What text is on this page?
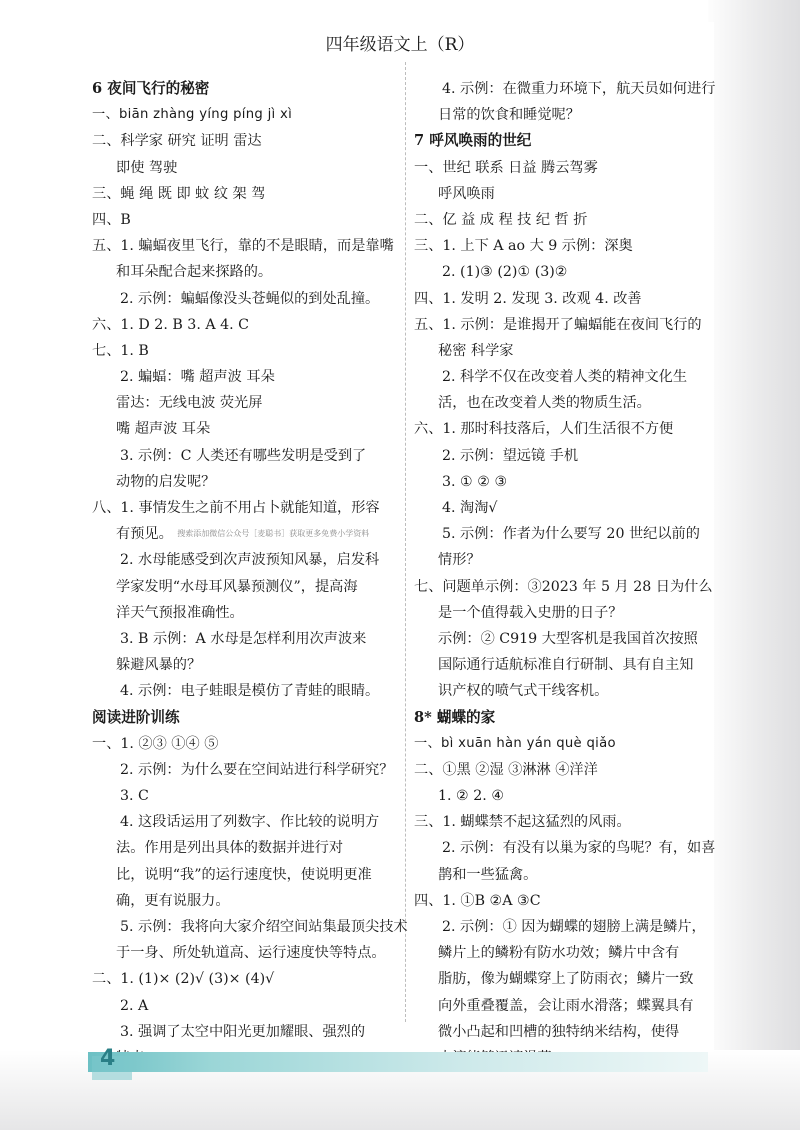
四年级语文上（R）
6 夜间飞行的秘密
一、biān zhàng yíng píng jì xì
二、科学家 研究 证明 雷达
即使 驾驶
三、蝇 绳 既 即 蚊 纹 架 驾
四、B
五、1. 蝙蝠夜里飞行，靠的不是眼睛，而是靠嘴
和耳朵配合起来探路的。
2. 示例：蝙蝠像没头苍蝇似的到处乱撞。
六、1. D 2. B 3. A 4. C
七、1. B
2. 蝙蝠：嘴 超声波 耳朵
雷达：无线电波 荧光屏
嘴 超声波 耳朵
3. 示例：C 人类还有哪些发明是受到了
动物的启发呢？
八、1. 事情发生之前不用占卜就能知道，形容
有预见。 搜索添加微信公众号［麦聪书］获取更多免费小学资料
2. 水母能感受到次声波预知风暴，启发科
学家发明“水母耳风暴预测仪”，提高海
洋天气预报准确性。
3. B 示例：A 水母是怎样利用次声波来
躲避风暴的？
4. 示例：电子蛙眼是模仿了青蛙的眼睛。
阅读进阶训练
一、1. ②③ ①④ ⑤
2. 示例：为什么要在空间站进行科学研究？
3. C
4. 这段话运用了列数字、作比较的说明方
法。作用是列出具体的数据并进行对
比，说明“我”的运行速度快，使说明更准
确，更有说服力。
5. 示例：我将向大家介绍空间站集最顶尖技术
于一身、所处轨道高、运行速度快等特点。
二、1. (1)× (2)√ (3)× (4)√
2. A
3. 强调了太空中阳光更加耀眼、强烈的
4. 示例：在微重力环境下，航天员如何进行
日常的饮食和睡觉呢？
7 呼风唤雨的世纪
一、世纪 联系 日益 腾云驾雾
呼风唤雨
二、亿 益 成 程 技 纪 哲 折
三、1. 上下 A ao 大 9 示例：深奥
2. (1)③ (2)① (3)②
四、1. 发明 2. 发现 3. 改观 4. 改善
五、1. 示例：是谁揭开了蝙蝠能在夜间飞行的
秘密 科学家
2. 科学不仅在改变着人类的精神文化生
活，也在改变着人类的物质生活。
六、1. 那时科技落后，人们生活很不方便
2. 示例：望远镜 手机
3. ① ② ③
4. 淘淘√
5. 示例：作者为什么要写 20 世纪以前的
情形？
七、问题单示例：③2023 年 5 月 28 日为什么
是一个值得载入史册的日子？
示例：② C919 大型客机是我国首次按照
国际通行适航标准自行研制、具有自主知
识产权的喷气式干线客机。
8* 蝴蝶的家
一、bì xuān hàn yán què qiǎo
二、①黑 ②湿 ③淋淋 ④洋洋
1. ② 2. ④
三、1. 蝴蝶禁不起这猛烈的风雨。
2. 示例：有没有以巢为家的鸟呢？有，如喜
鹊和一些猛禽。
四、1. ①B ②A ③C
2. 示例：① 因为蝴蝶的翅膀上满是鳞片，
鳞片上的鳞粉有防水功效；鳞片中含有
脂肪，像为蝴蝶穿上了防雨衣；鳞片一致
向外重叠覆盖，会让雨水滑落；蝶翼具有
微小凸起和凹槽的独特纳米结构，使得
4
